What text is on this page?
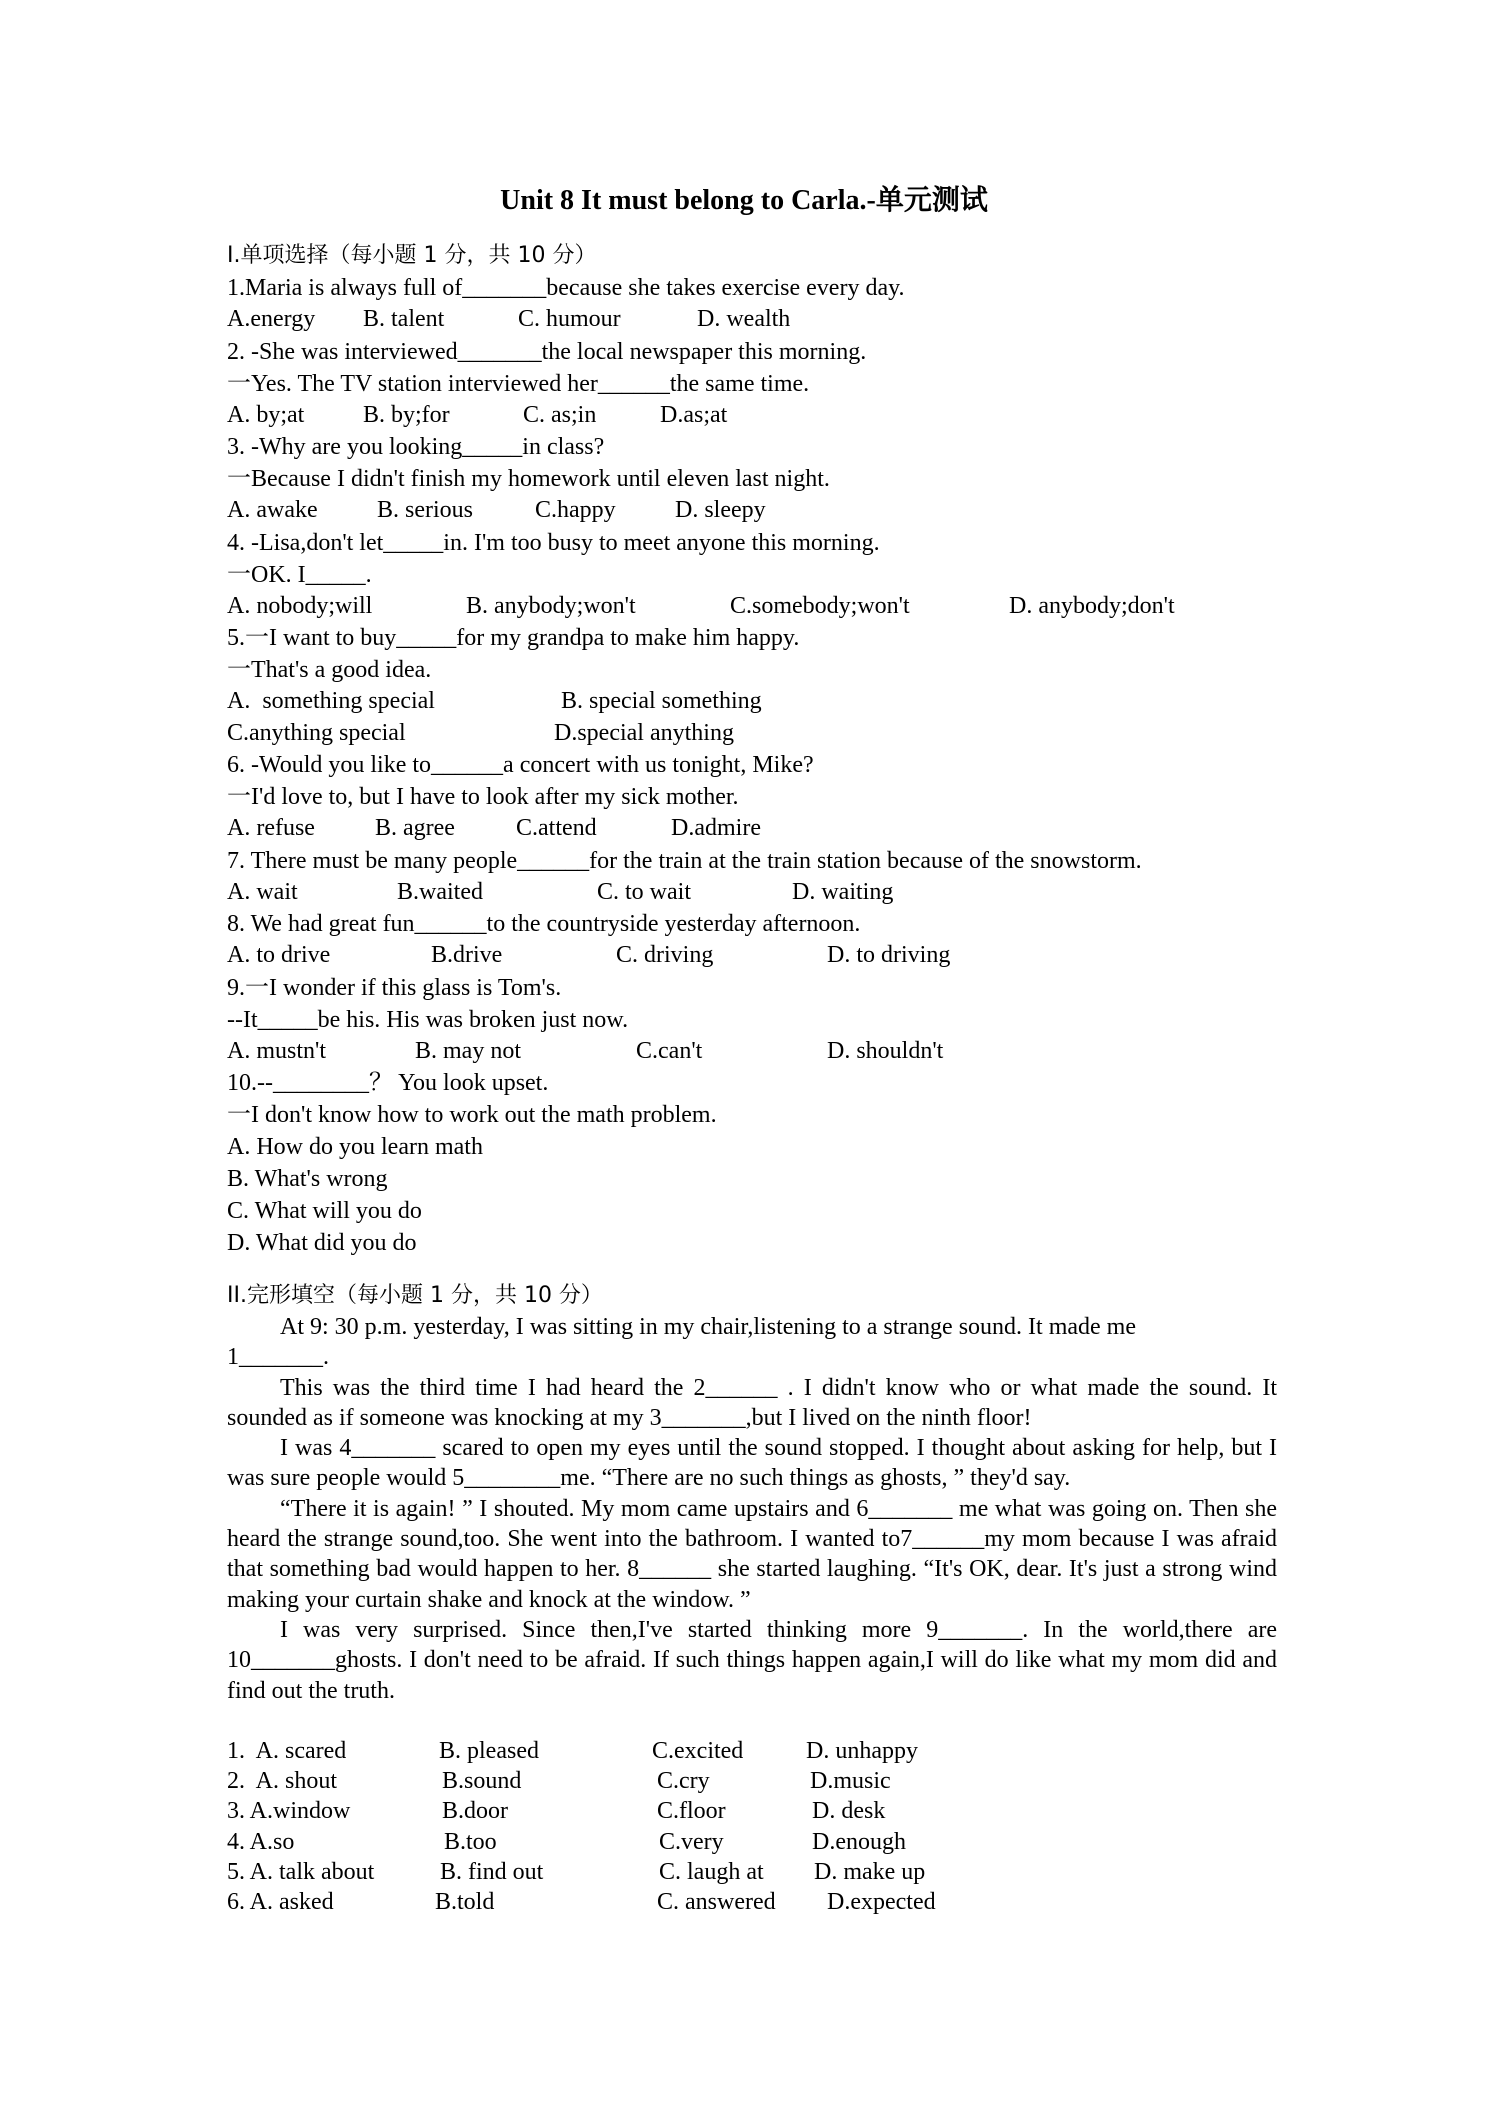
Unit 8 It must belong to Carla.-单元测试
I.单项选择（每小题 1 分，共 10 分）
1.Maria is always full of_______because she takes exercise every day.

A.energy

B. talent

	C. humour

	D. wealth

2. -She was interviewed_______the local newspaper this morning.
一Yes. The TV station interviewed her______the same time.

A. by;at

B. by;for

	C. as;in

	D.as;at

3. -Why are you looking_____in class?
一Because I didn't finish my homework until eleven last night.

A. awake

B. serious

	C.happy

D. sleepy

4. -Lisa,don't let_____in. I'm too busy to meet anyone this morning.
一OK. I_____.

A. nobody;will

	B. anybody;won't

	C.somebody;won't

	D. anybody;don't

5.一I want to buy_____for my grandpa to make him happy.
一That's a good idea.

A.  something special

	B. special something

C.anything special

	D.special anything

6. -Would you like to______a concert with us tonight, Mike?
一I'd love to, but I have to look after my sick mother.

A. refuse

	B. agree

	C.attend

	D.admire

7. There must be many people______for the train at the train station because of the snowstorm.

A. wait

	B.waited

	C. to wait

	D. waiting

8. We had great fun______to the countryside yesterday afternoon.

A. to drive

	B.drive

	C. driving

	D. to driving

9.一I wonder if this glass is Tom's.
--It_____be his. His was broken just now.

A. mustn't

	B. may not

	C.can't

	D. shouldn't

10.--________？ You look upset.
一I don't know how to work out the math problem.
A. How do you learn math
B. What's wrong
C. What will you do
D. What did you do
II.完形填空（每小题 1 分，共 10 分）

At 9: 30 p.m. yesterday, I was sitting in my chair,listening to a strange sound. It made me

1_______.

This was the third time I had heard the 2______ . I didn't know who or what made the sound. It sounded as if someone was knocking at my 3_______,but I lived on the ninth floor!

I was 4_______ scared to open my eyes until the sound stopped. I thought about asking for help, but I was sure people would 5________me. “There are no such things as ghosts, ” they'd say.

“There it is again! ” I shouted. My mom came upstairs and 6_______ me what was going on. Then she heard the strange sound,too. She went into the bathroom. I wanted to7______my mom because I was afraid that something bad would happen to her. 8______ she started laughing. “It's OK, dear. It's just a strong wind making your curtain shake and knock at the window. ”

I was very surprised. Since then,I've started thinking more 9_______. In the world,there are 10_______ghosts. I don't need to be afraid. If such things happen again,I will do like what my mom did and find out the truth.

1.  A. scared

	B. pleased

	C.excited

	D. unhappy

2.  A. shout

	B.sound

	C.cry

	D.music

3. A.window

	B.door

	C.floor

	D. desk

4. A.so

	B.too

	C.very

	D.enough

5. A. talk about

	B. find out

	C. laugh at

D. make up

6. A. asked

	B.told

	C. answered

D.expected
